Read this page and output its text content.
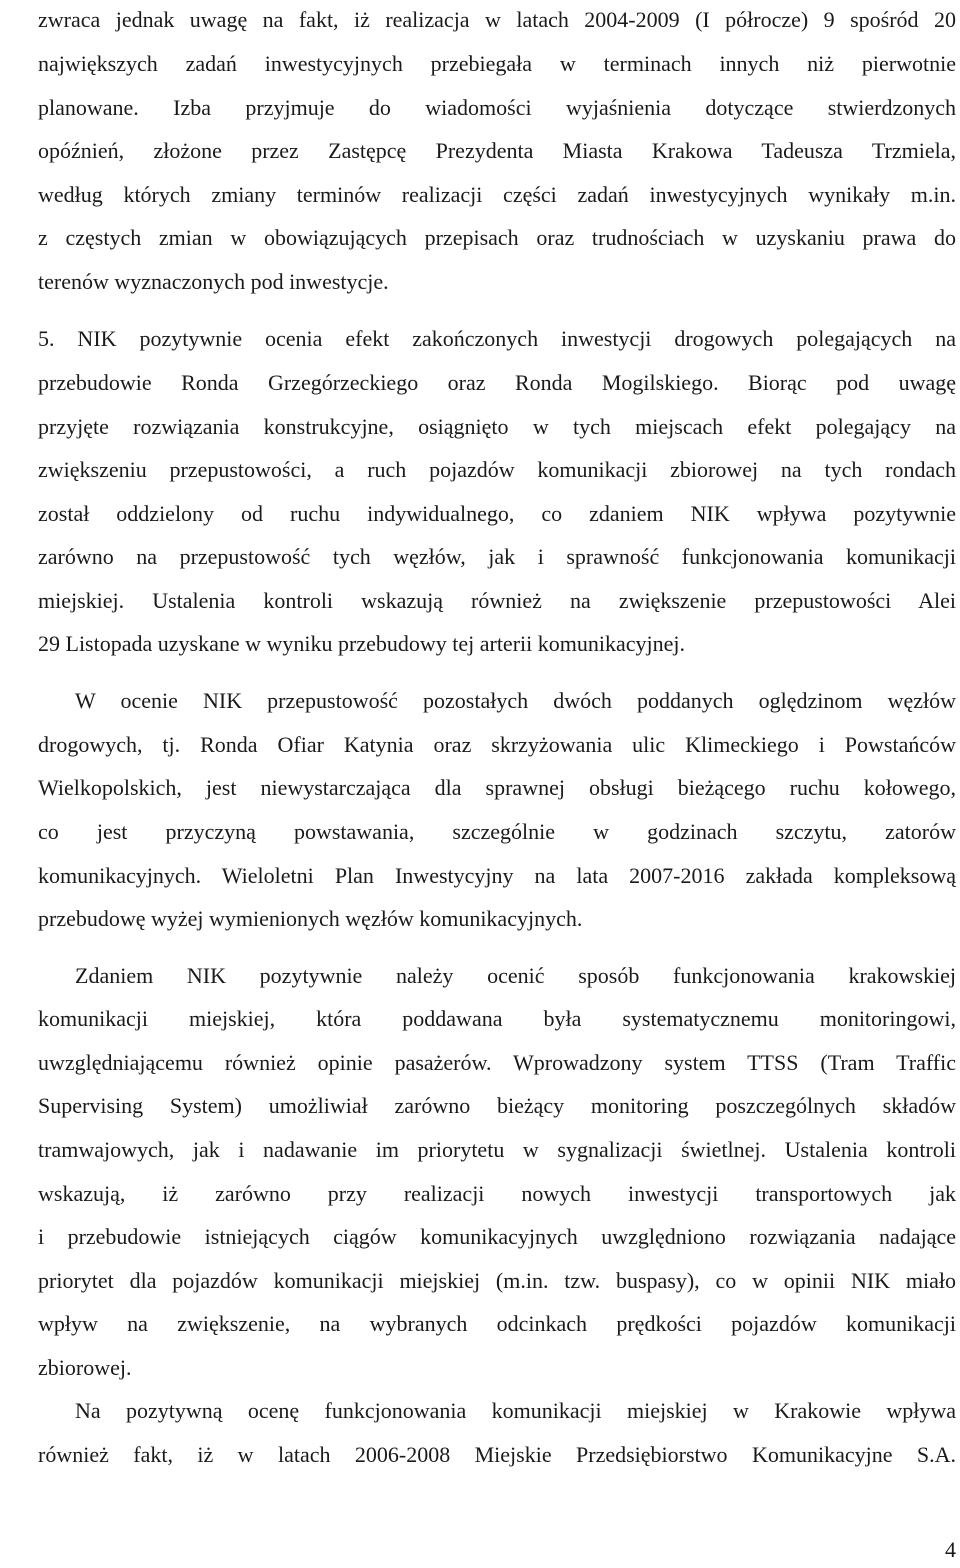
zwraca jednak uwagę na fakt, iż realizacja w latach 2004-2009 (I półrocze) 9 spośród 20
największych zadań inwestycyjnych przebiegała w terminach innych niż pierwotnie
planowane. Izba przyjmuje do wiadomości wyjaśnienia dotyczące stwierdzonych
opóźnień, złożone przez Zastępcę Prezydenta Miasta Krakowa Tadeusza Trzmiela,
według których zmiany terminów realizacji części zadań inwestycyjnych wynikały m.in.
z częstych zmian w obowiązujących przepisach oraz trudnościach w uzyskaniu prawa do
terenów wyznaczonych pod inwestycje.
5. NIK pozytywnie ocenia efekt zakończonych inwestycji drogowych polegających na
przebudowie Ronda Grzegórzeckiego oraz Ronda Mogilskiego. Biorąc pod uwagę
przyjęte rozwiązania konstrukcyjne, osiągnięto w tych miejscach efekt polegający na
zwiększeniu przepustowości, a ruch pojazdów komunikacji zbiorowej na tych rondach
został oddzielony od ruchu indywidualnego, co zdaniem NIK wpływa pozytywnie
zarówno na przepustowość tych węzłów, jak i sprawność funkcjonowania komunikacji
miejskiej. Ustalenia kontroli wskazują również na zwiększenie przepustowości Alei
29 Listopada uzyskane w wyniku przebudowy tej arterii komunikacyjnej.
W ocenie NIK przepustowość pozostałych dwóch poddanych oględzinom węzłów
drogowych, tj. Ronda Ofiar Katynia oraz skrzyżowania ulic Klimeckiego i Powstańców
Wielkopolskich, jest niewystarczająca dla sprawnej obsługi bieżącego ruchu kołowego,
co jest przyczyną powstawania, szczególnie w godzinach szczytu, zatorów
komunikacyjnych. Wieloletni Plan Inwestycyjny na lata 2007-2016 zakłada kompleksową
przebudowę wyżej wymienionych węzłów komunikacyjnych.
Zdaniem NIK pozytywnie należy ocenić sposób funkcjonowania krakowskiej
komunikacji miejskiej, która poddawana była systematycznemu monitoringowi,
uwzględniającemu również opinie pasażerów. Wprowadzony system TTSS (Tram Traffic
Supervising System) umożliwiał zarówno bieżący monitoring poszczególnych składów
tramwajowych, jak i nadawanie im priorytetu w sygnalizacji świetlnej. Ustalenia kontroli
wskazują, iż zarówno przy realizacji nowych inwestycji transportowych jak
i przebudowie istniejących ciągów komunikacyjnych uwzględniono rozwiązania nadające
priorytet dla pojazdów komunikacji miejskiej (m.in. tzw. buspasy), co w opinii NIK miało
wpływ na zwiększenie, na wybranych odcinkach prędkości pojazdów komunikacji
zbiorowej.
Na pozytywną ocenę funkcjonowania komunikacji miejskiej w Krakowie wpływa
również fakt, iż w latach 2006-2008 Miejskie Przedsiębiorstwo Komunikacyjne S.A.
4
